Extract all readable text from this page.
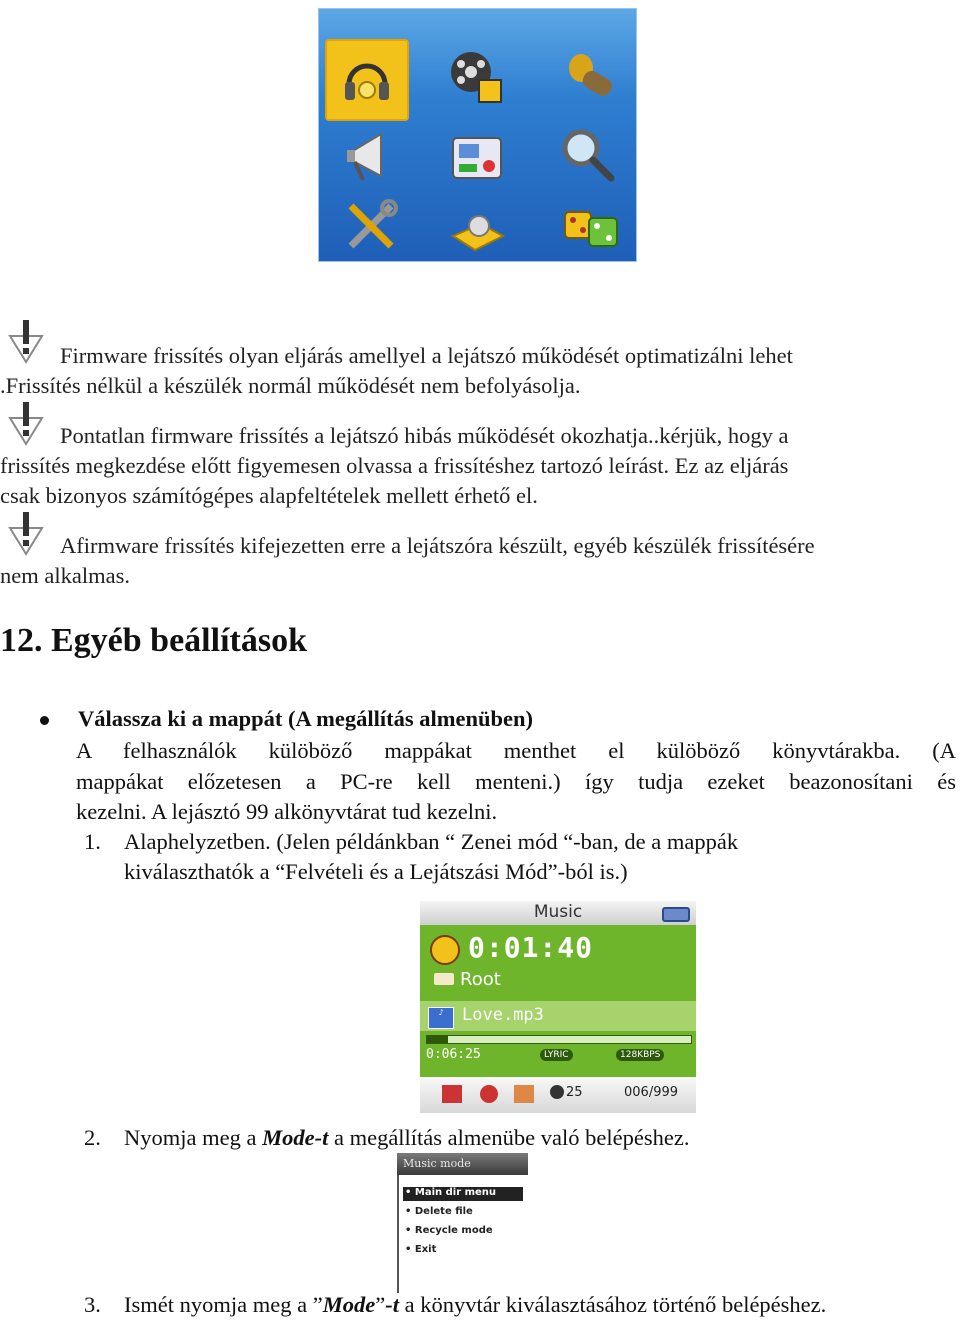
Firmware frissítés olyan eljárás amellyel a lejátszó működését optimatizálni lehet
.Frissítés nélkül a készülék normál működését nem befolyásolja.
Pontatlan firmware frissítés a lejátszó hibás működését okozhatja..kérjük, hogy a
frissítés megkezdése előtt figyemesen olvassa a frissítéshez tartozó leírást. Ez az eljárás
csak bizonyos számítógépes alapfeltételek mellett érhető el.
Afirmware frissítés kifejezetten erre a lejátszóra készült, egyéb készülék frissítésére
nem alkalmas.
12. Egyéb beállítások
Válassza ki a mappát (A megállítás almenüben)
A felhasználók külöböző mappákat menthet el külöböző könyvtárakba. (A
mappákat előzetesen a PC-re kell menteni.) így tudja ezeket beazonosítani és
kezelni. A lejásztó 99 alkönyvtárat tud kezelni.
1. Alaphelyzetben. (Jelen példánkban “ Zenei mód “-ban, de a mappák
kiválaszthatók a “Felvételi és a Lejátszási Mód”-ból is.)
Music
0:01:40
Root
♪	Love.mp3
0:06:25	LYRIC	128KBPS
25	006/999
2. Nyomja meg a Mode-t a megállítás almenübe való belépéshez.
Music mode
• Main dir menu
• Delete file
• Recycle mode
• Exit
3. Ismét nyomja meg a ”Mode”-t a könyvtár kiválasztásához történő belépéshez.
